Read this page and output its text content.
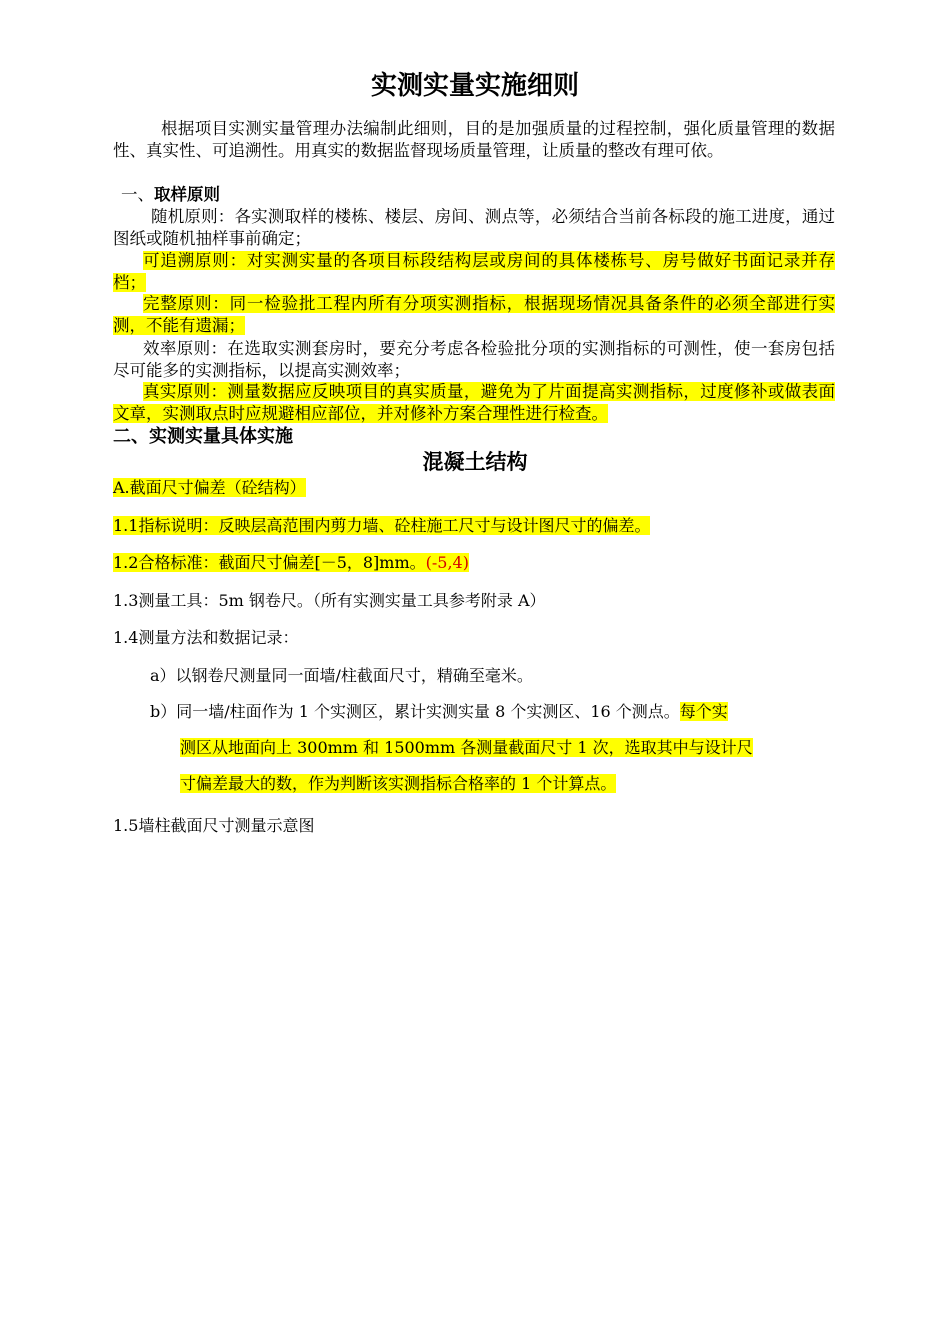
实测实量实施细则
根据项目实测实量管理办法编制此细则，目的是加强质量的过程控制，强化质量管理的数据性、真实性、可追溯性。用真实的数据监督现场质量管理，让质量的整改有理可依。
一、取样原则
随机原则：各实测取样的楼栋、楼层、房间、测点等，必须结合当前各标段的施工进度，通过图纸或随机抽样事前确定；
可追溯原则：对实测实量的各项目标段结构层或房间的具体楼栋号、房号做好书面记录并存档；
完整原则：同一检验批工程内所有分项实测指标，根据现场情况具备条件的必须全部进行实测，不能有遗漏；
效率原则：在选取实测套房时，要充分考虑各检验批分项的实测指标的可测性，使一套房包括尽可能多的实测指标，以提高实测效率；
真实原则：测量数据应反映项目的真实质量，避免为了片面提高实测指标，过度修补或做表面文章，实测取点时应规避相应部位，并对修补方案合理性进行检查。
二、实测实量具体实施
混凝土结构
A.截面尺寸偏差（砼结构）
1.1指标说明：反映层高范围内剪力墙、砼柱施工尺寸与设计图尺寸的偏差。
1.2合格标准：截面尺寸偏差[－5，8]mm。(-5,4)
1.3测量工具：5m 钢卷尺。（所有实测实量工具参考附录 A）
1.4测量方法和数据记录：
a）以钢卷尺测量同一面墙/柱截面尺寸，精确至毫米。
b）同一墙/柱面作为 1 个实测区，累计实测实量 8 个实测区、16 个测点。每个实
测区从地面向上 300mm 和 1500mm 各测量截面尺寸 1 次，选取其中与设计尺
寸偏差最大的数，作为判断该实测指标合格率的 1 个计算点。
1.5墙柱截面尺寸测量示意图
